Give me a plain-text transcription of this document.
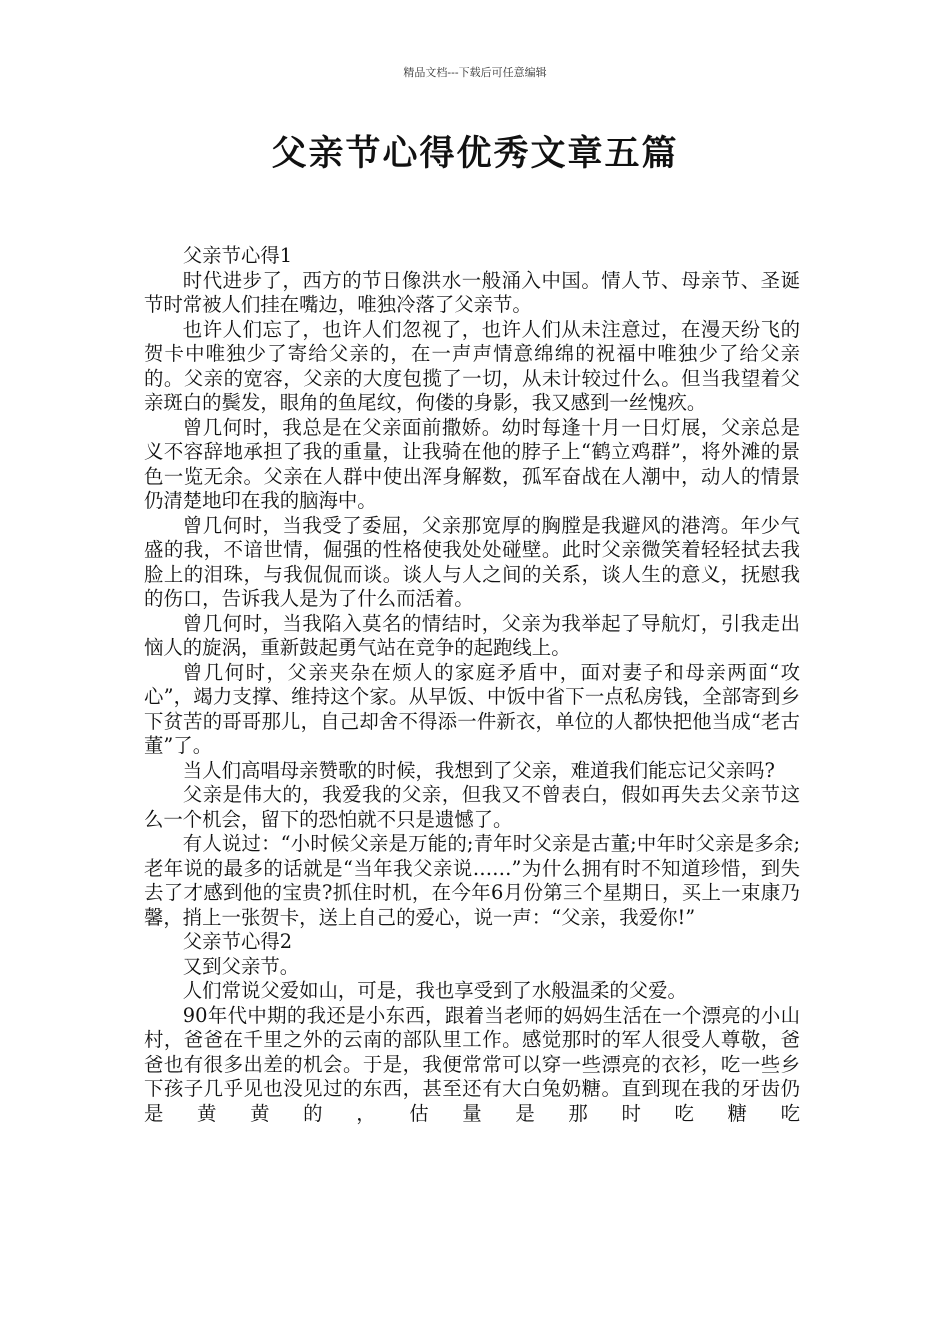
精品文档---下载后可任意编辑
父亲节心得优秀文章五篇

父亲节心得1

时代进步了，西方的节日像洪水一般涌入中国。情人节、母亲节、圣诞节时常被人们挂在嘴边，唯独冷落了父亲节。

也许人们忘了，也许人们忽视了，也许人们从未注意过，在漫天纷飞的贺卡中唯独少了寄给父亲的，在一声声情意绵绵的祝福中唯独少了给父亲的。父亲的宽容，父亲的大度包揽了一切，从未计较过什么。但当我望着父亲斑白的鬓发，眼角的鱼尾纹，佝偻的身影，我又感到一丝愧疚。

曾几何时，我总是在父亲面前撒娇。幼时每逢十月一日灯展，父亲总是义不容辞地承担了我的重量，让我骑在他的脖子上“鹤立鸡群”，将外滩的景色一览无余。父亲在人群中使出浑身解数，孤军奋战在人潮中，动人的情景仍清楚地印在我的脑海中。

曾几何时，当我受了委屈，父亲那宽厚的胸膛是我避风的港湾。年少气盛的我，不谙世情，倔强的性格使我处处碰壁。此时父亲微笑着轻轻拭去我脸上的泪珠，与我侃侃而谈。谈人与人之间的关系，谈人生的意义，抚慰我的伤口，告诉我人是为了什么而活着。

曾几何时，当我陷入莫名的情结时，父亲为我举起了导航灯，引我走出恼人的旋涡，重新鼓起勇气站在竞争的起跑线上。

曾几何时，父亲夹杂在烦人的家庭矛盾中，面对妻子和母亲两面“攻心”，竭力支撑、维持这个家。从早饭、中饭中省下一点私房钱，全部寄到乡下贫苦的哥哥那儿，自己却舍不得添一件新衣，单位的人都快把他当成“老古董”了。

当人们高唱母亲赞歌的时候，我想到了父亲，难道我们能忘记父亲吗?

父亲是伟大的，我爱我的父亲，但我又不曾表白，假如再失去父亲节这么一个机会，留下的恐怕就不只是遗憾了。

有人说过：“小时候父亲是万能的;青年时父亲是古董;中年时父亲是多余;老年说的最多的话就是“当年我父亲说……”为什么拥有时不知道珍惜，到失去了才感到他的宝贵?抓住时机，在今年6月份第三个星期日，买上一束康乃馨，捎上一张贺卡，送上自己的爱心，说一声：“父亲，我爱你!”

父亲节心得2

又到父亲节。

人们常说父爱如山，可是，我也享受到了水般温柔的父爱。

90年代中期的我还是小东西，跟着当老师的妈妈生活在一个漂亮的小山村，爸爸在千里之外的云南的部队里工作。感觉那时的军人很受人尊敬，爸爸也有很多出差的机会。于是，我便常常可以穿一些漂亮的衣衫，吃一些乡下孩子几乎见也没见过的东西，甚至还有大白兔奶糖。直到现在我的牙齿仍是黄黄的，估量是那时吃糖吃
